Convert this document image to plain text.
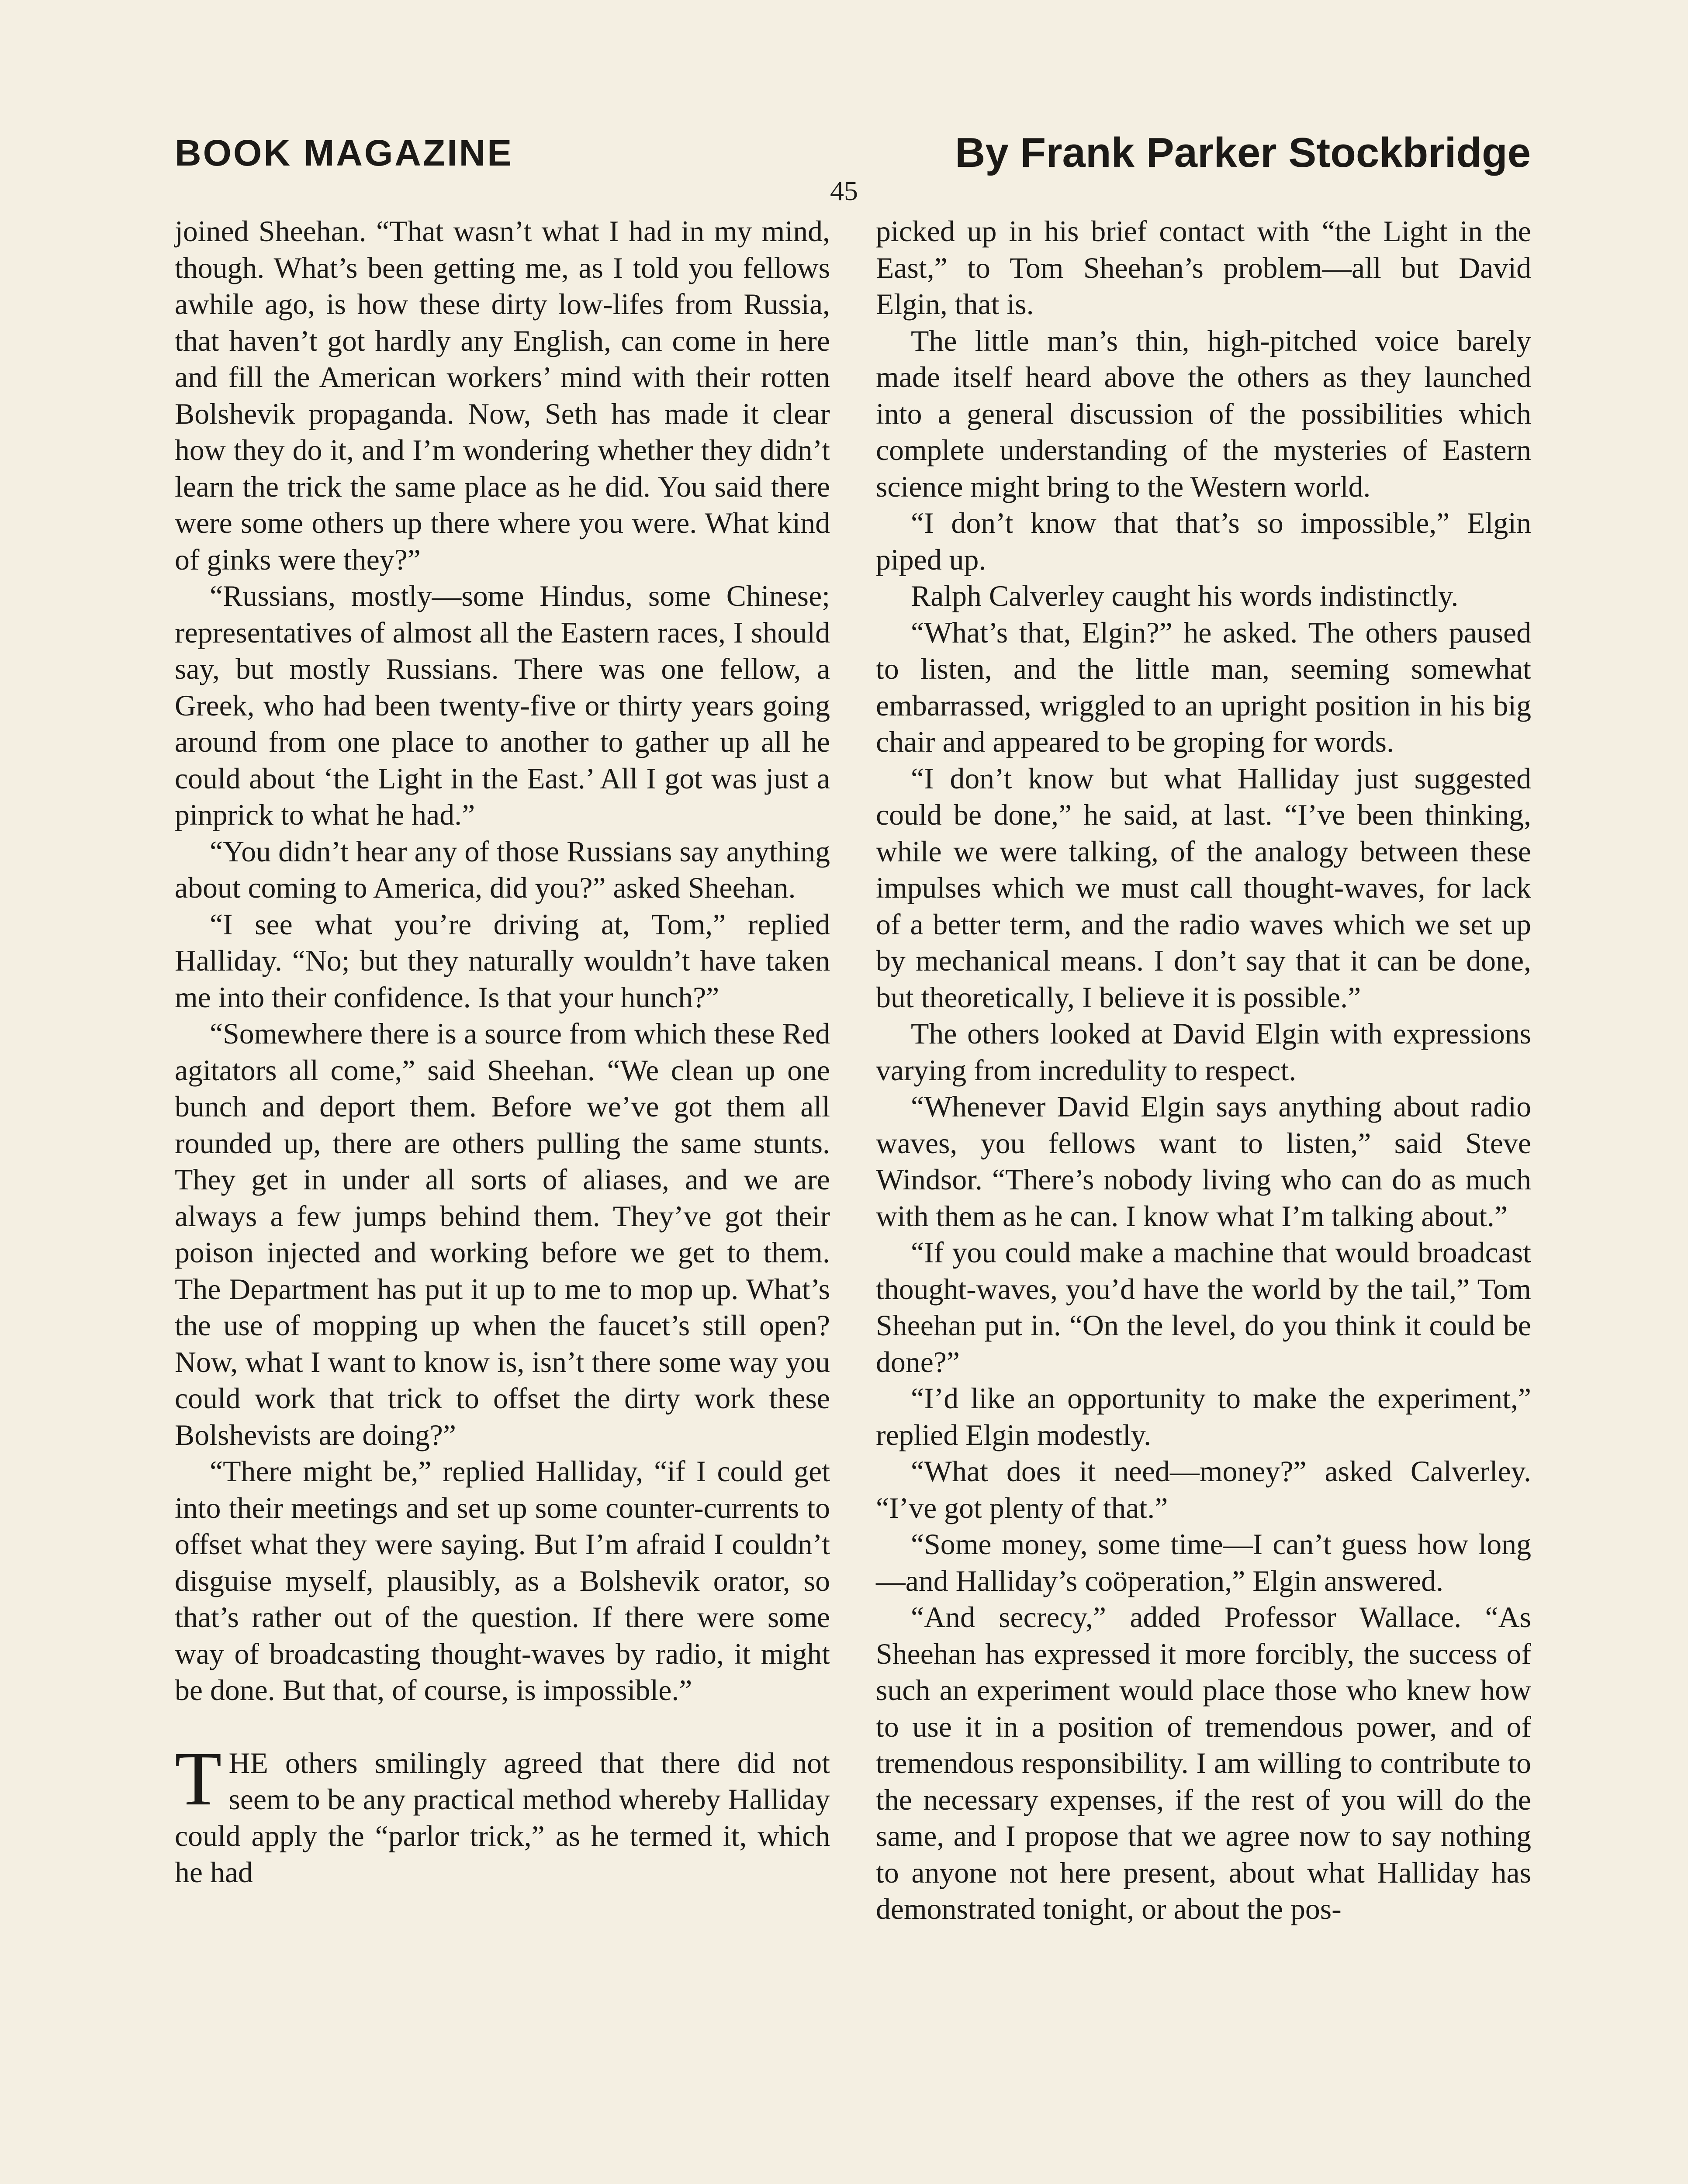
BOOK MAGAZINE	By Frank Parker Stockbridge
45

joined Sheehan. “That wasn’t what I had in my mind, though. What’s been getting me, as I told you fellows awhile ago, is how these dirty low-lifes from Russia, that haven’t got hardly any English, can come in here and fill the American workers’ mind with their rotten Bolshevik propaganda. Now, Seth has made it clear how they do it, and I’m wondering whether they didn’t learn the trick the same place as he did. You said there were some others up there where you were. What kind of ginks were they?”

“Russians, mostly—some Hindus, some Chinese; representatives of almost all the Eastern races, I should say, but mostly Russians. There was one fellow, a Greek, who had been twenty-five or thirty years going around from one place to another to gather up all he could about ‘the Light in the East.’ All I got was just a pinprick to what he had.”

“You didn’t hear any of those Russians say anything about coming to America, did you?” asked Sheehan.

“I see what you’re driving at, Tom,” replied Halliday. “No; but they naturally wouldn’t have taken me into their confidence. Is that your hunch?”

“Somewhere there is a source from which these Red agitators all come,” said Sheehan. “We clean up one bunch and deport them. Before we’ve got them all rounded up, there are others pulling the same stunts. They get in under all sorts of aliases, and we are always a few jumps behind them. They’ve got their poison injected and working before we get to them. The Department has put it up to me to mop up. What’s the use of mopping up when the faucet’s still open? Now, what I want to know is, isn’t there some way you could work that trick to offset the dirty work these Bolshevists are doing?”

“There might be,” replied Halliday, “if I could get into their meetings and set up some counter-currents to offset what they were saying. But I’m afraid I couldn’t disguise myself, plausibly, as a Bolshevik orator, so that’s rather out of the question. If there were some way of broadcasting thought-waves by radio, it might be done. But that, of course, is impossible.”

THE others smilingly agreed that there did not seem to be any practical method whereby Halliday could apply the “parlor trick,” as he termed it, which he had

picked up in his brief contact with “the Light in the East,” to Tom Sheehan’s problem—all but David Elgin, that is.

The little man’s thin, high-pitched voice barely made itself heard above the others as they launched into a general discussion of the possibilities which complete understanding of the mysteries of Eastern science might bring to the Western world.

“I don’t know that that’s so impossible,” Elgin piped up.

Ralph Calverley caught his words indistinctly.

“What’s that, Elgin?” he asked. The others paused to listen, and the little man, seeming somewhat embarrassed, wriggled to an upright position in his big chair and appeared to be groping for words.

“I don’t know but what Halliday just suggested could be done,” he said, at last. “I’ve been thinking, while we were talking, of the analogy between these impulses which we must call thought-waves, for lack of a better term, and the radio waves which we set up by mechanical means. I don’t say that it can be done, but theoretically, I believe it is possible.”

The others looked at David Elgin with expressions varying from incredulity to respect.

“Whenever David Elgin says anything about radio waves, you fellows want to listen,” said Steve Windsor. “There’s nobody living who can do as much with them as he can. I know what I’m talking about.”

“If you could make a machine that would broadcast thought-waves, you’d have the world by the tail,” Tom Sheehan put in. “On the level, do you think it could be done?”

“I’d like an opportunity to make the experiment,” replied Elgin modestly.

“What does it need—money?” asked Calverley. “I’ve got plenty of that.”

“Some money, some time—I can’t guess how long—and Halliday’s coöperation,” Elgin answered.

“And secrecy,” added Professor Wallace. “As Sheehan has expressed it more forcibly, the success of such an experiment would place those who knew how to use it in a position of tremendous power, and of tremendous responsibility. I am willing to contribute to the necessary expenses, if the rest of you will do the same, and I propose that we agree now to say nothing to anyone not here present, about what Halliday has demonstrated tonight, or about the pos-
